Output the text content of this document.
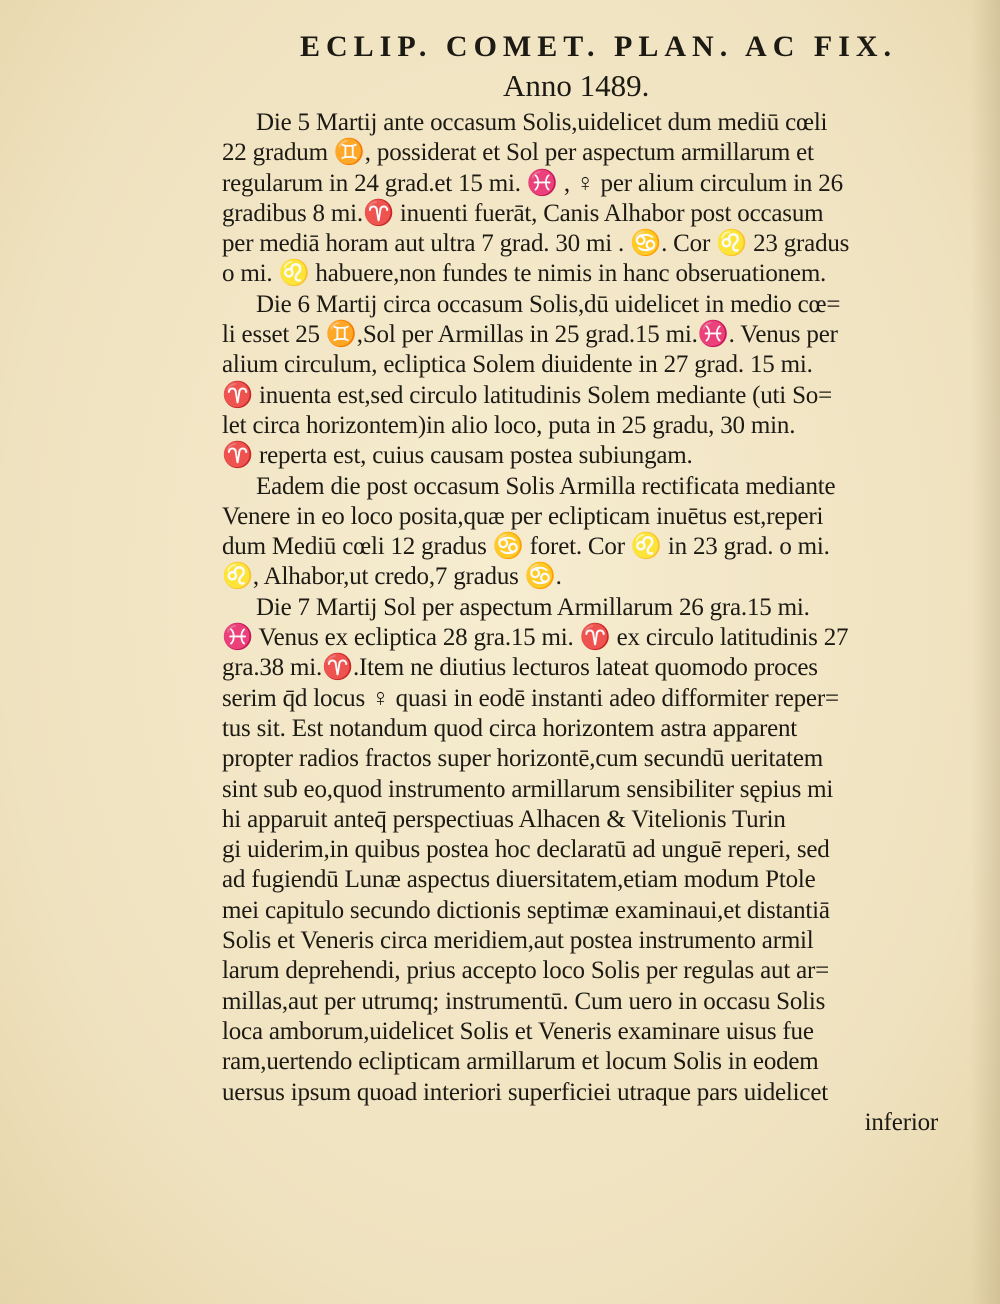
ECLIP. COMET. PLAN. AC FIX.
Anno 1489.
Die 5 Martij ante occasum Solis,uidelicet dum mediū cœli
22 gradum ♊, possiderat et Sol per aspectum armillarum et
regularum in 24 grad.et 15 mi. ♓ , ♀ per alium circulum in 26
gradibus 8 mi.♈ inuenti fuerāt, Canis Alhabor post occasum
per mediā horam aut ultra 7 grad. 30 mi . ♋. Cor ♌ 23 gradus
o mi. ♌ habuere,non fundes te nimis in hanc obseruationem.
Die 6 Martij circa occasum Solis,dū uidelicet in medio cœ=
li esset 25 ♊,Sol per Armillas in 25 grad.15 mi.♓. Venus per
alium circulum, ecliptica Solem diuidente in 27 grad. 15 mi.
♈ inuenta est,sed circulo latitudinis Solem mediante (uti So=
let circa horizontem)in alio loco, puta in 25 gradu, 30 min.
♈ reperta est, cuius causam postea subiungam.
Eadem die post occasum Solis Armilla rectificata mediante
Venere in eo loco posita,quæ per eclipticam inuētus est,reperi
dum Mediū cœli 12 gradus ♋ foret. Cor ♌ in 23 grad. o mi.
♌, Alhabor,ut credo,7 gradus ♋.
Die 7 Martij Sol per aspectum Armillarum 26 gra.15 mi.
♓ Venus ex ecliptica 28 gra.15 mi. ♈ ex circulo latitudinis 27
gra.38 mi.♈.Item ne diutius lecturos lateat quomodo proces
serim q̄d locus ♀ quasi in eodē instanti adeo difformiter reper=
tus sit. Est notandum quod circa horizontem astra apparent
propter radios fractos super horizontē,cum secundū ueritatem
sint sub eo,quod instrumento armillarum sensibiliter sępius mi
hi apparuit anteq̄ perspectiuas Alhacen & Vitelionis Turin
gi uiderim,in quibus postea hoc declaratū ad unguē reperi, sed
ad fugiendū Lunæ aspectus diuersitatem,etiam modum Ptole
mei capitulo secundo dictionis septimæ examinaui,et distantiā
Solis et Veneris circa meridiem,aut postea instrumento armil
larum deprehendi, prius accepto loco Solis per regulas aut ar=
millas,aut per utrumq; instrumentū. Cum uero in occasu Solis
loca amborum,uidelicet Solis et Veneris examinare uisus fue
ram,uertendo eclipticam armillarum et locum Solis in eodem
uersus ipsum quoad interiori superficiei utraque pars uidelicet
inferior
